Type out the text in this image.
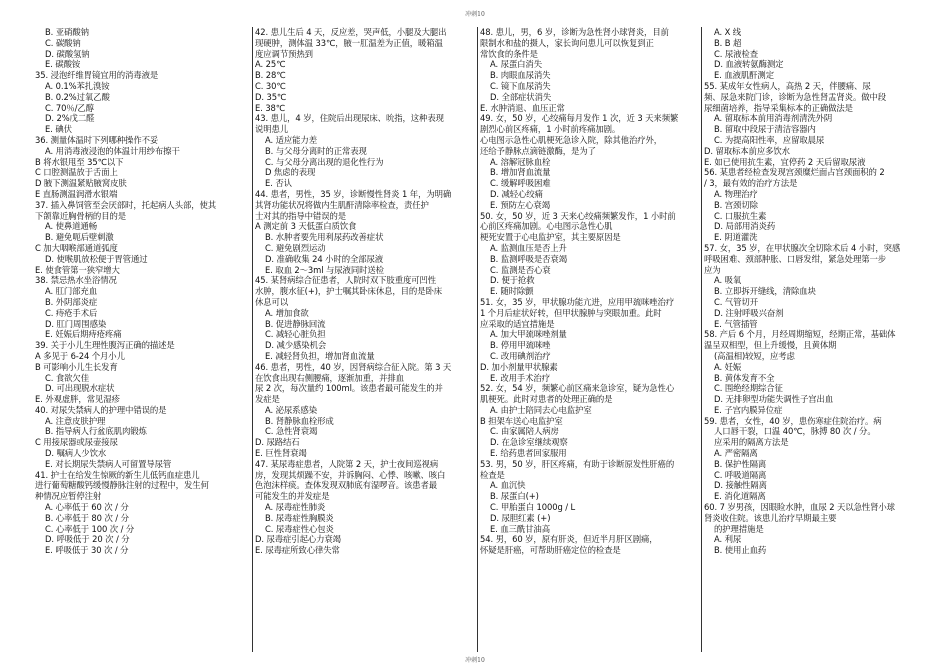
冲刺10
B. 亚硝酸钠
C. 碳酸钠
D. 碳酸氢钠
E. 碳酸铵
35. 浸泡纤维胃镜宜用的消毒液是
A. 0.1%苯扎溴铵
B. 0.2%过氧乙酸
C. 70％/乙醇
D. 2%戊二醛
E. 碘伏
36. 测量体温时下列哪种操作不妥
A. 用消毒液浸泡的体温计用纱布擦干
B 将水银甩至 35℃以下
C 口腔测温放于舌面上
D 腋下测温紧贴腋窝皮肤
E 直肠测温润滑水银端
37. 插入鼻饲管至会厌部时，托起病人头部，使其
下颌靠近胸骨柄的目的是
A. 使鼻道通畅
B. 避免呃后壁刺激
C 加大咽喉部通道弧度
D. 使喉肌放松便于胃管通过
E. 使食管第一狭窄增大
38. 禁忌热水坐浴情况
A. 肛门部充血
B. 外阴部炎症
C. 痔疮手术后
D. 肛门周围感染
E. 妊娠后期痔疮疼痛
39. 关于小儿生理性腹泻正确的描述是
A 多见于 6-24 个月小儿
B 可影响小儿生长发育
C. 食欲欠佳
D. 可出现脱水症状
E. 外观虚胖，常见湿疹
40. 对尿失禁病人的护理中错误的是
A. 注意皮肤护理
B. 指导病人行盆底肌肉锻炼
C 用接尿器或尿壶接尿
D. 嘱病人少饮水
E. 对长期尿失禁病人可留置导尿管
41. 护士在给发生惊厥的新生儿低钙血症患儿
进行葡萄糖酸钙缓慢静脉注射的过程中，发生何
种情况应暂停注射
A. 心率低于 60 次 / 分
B. 心率低于 80 次 / 分
C. 心率低于 100 次 / 分
D. 呼吸低于 20 次 / 分
E. 呼吸低于 30 次 / 分
42. 患儿生后 4 天，反应差，哭声低，小腿及大腿出
现硬肿，测体温 33℃，腋一肛温差为正值，暖箱温
度应调节预热到
A. 25℃
B. 28℃
C. 30℃
D. 35℃
E. 38℃
43. 患儿，4 岁，住院后出现尿床、吮指，这种表现
说明患儿
A. 适应能力差
B. 与父母分离时的正常表现
C. 与父母分离出现的退化性行为
D 焦虑的表现
E. 否认
44. 患者，男性，35 岁，诊断慢性肾炎 1 年，为明确
其肾功能状况将做内生肌酐清除率检查，责任护
士对其的指导中错误的是
A 测定前 3 天低蛋白质饮食
B. 水肿者要先用利尿药改善症状
C. 避免剧烈运动
D. 准确收集 24 小时的全部尿液
E. 取血 2～3ml 与尿液同时送检
45. 某肾病综合征患者，人院时双下肢重度可凹性
水肿，腹水征(+)，护士嘱其卧床休息，目的是卧床
休息可以
A. 增加食欲
B. 促进静脉回流
C. 减轻心脏负担
D. 减少感染机会
E. 减轻肾负担，增加肾血流量
46. 患者，男性，40 岁，因肾病综合征入院。第 3 天
在饮食出现右侧腰痛，逐渐加重，并排血
尿 2 次，每次量约 100ml。该患者最可能发生的并
发症是
A. 泌尿系感染
B. 肾静脉血栓形成
C. 急性肾衰竭
D. 尿路结石
E. 巨性肾衰竭
47. 某尿毒症患者，人院第 2 天，护士夜间巡视病
房，发现其烦躁不安，并诉胸闷、心悸、咳嗽、咳白
色泡沫样痰。查体发现双肺底有湿啰音。该患者最
可能发生的并发症是
A. 尿毒症性肺炎
B. 尿毒症性胸膜炎
C. 尿毒症性心包炎
D. 尿毒症引起心力衰竭
E. 尿毒症所致心律失常
48. 患儿，男，6 岁，诊断为急性肾小球肾炎，目前
限制水和盐的摄人，家长询问患儿可以恢复到正
常饮食的条件是
A. 尿蛋白消失
B. 肉眼血尿消失
C. 镜下血尿消失
D. 全部症状消失
E. 水肿消退、血压正常
49. 女，50 岁，心绞痛每月发作 1 次，近 3 天来频繁
剧烈心前区疼痛，1 小时前疼痛加剧。
心电图示急性心肌梗死急诊入院，除其他治疗外，
还给予静脉点滴链激酶，是为了
A. 溶解冠脉血栓
B. 增加肾血流量
C. 缓解呼吸困难
D. 减轻心绞痛
E. 预防左心衰竭
50. 女，50 岁，近 3 天来心绞痛频繁发作，1 小时前
心前区疼痛加剧。心电图示急性心肌
梗死安置于心电监护室，其主要原因是
A. 监测血压是否上升
B. 监测呼吸是否衰竭
C. 监测是否心衰
D. 便于抢救
E. 随时除颤
51. 女，35 岁，甲状腺功能亢进，应用甲巯咪唑治疗
1 个月后症状好转，但甲状腺肿与突眼加重。此时
应采取的适宜措施是
A. 加大甲巯咪唑剂量
B. 停用甲巯咪唑
C. 改用碘剂治疗
D. 加小剂量甲状腺素
E. 改用手术治疗
52. 女，54 岁，频繁心前区痛来急诊室，疑为急性心
肌梗死。此时对患者的处理正确的是
A. 由护士陪同去心电监护室
B 担架车送心电监护室
C. 由家属陪人病房
D. 在急诊室继续观察
E. 给药患者回家服用
53. 男，50 岁，肝区疼痛，有助于诊断原发性肝癌的
检查是
A. 血沉快
B. 尿蛋白(+)
C. 甲胎蛋白 1000g / L
D. 尿胆红素 (+)
E. 血三酰甘油高
54. 男，60 岁，原有肝炎，但近半月肝区剧痛，
怀疑是肝癌，可帮助肝癌定位的检查是
A. X 线
B. B 超
C. 尿液检查
D. 血液转氨酶测定
E. 血液肌酐测定
55. 某成年女性病人，高热 2 天，伴腰痛、尿
频、尿急来院门诊，诊断为急性肾盂肾炎。做中段
尿细菌培养，指导采集标本的正确做法是
A. 留取标本前用消毒剂清洗外阴
B. 留取中段尿于清洁容器内
C. 为提高阳性率，应留取晨尿
D. 留取标本前应多饮水
E. 如已使用抗生素，宜停药 2 天后留取尿液
56. 某患者经检查发现宫颈糜烂面占宫颈面积的 2
/ 3，最有效的治疗方法是
A. 物理治疗
B. 宫颈切除
C. 口服抗生素
D. 局部用消炎药
E. 阴道灌洗
57. 女，35 岁，在甲状腺次全切除术后 4 小时，突感
呼吸困难、颈部肿胀、口唇发绀，紧急处理第一步
应为
A. 吸氧
B. 立即拆开缝线，清除血块
C. 气管切开
D. 注射呼吸兴奋剂
E. 气管插管
58. 产后 6 个月，月经周期缩短，经期正常，基础体
温呈双相型，但上升缓慢，且黄体期
(高温相)较短，应考虑
A. 妊娠
B. 黄体发育不全
C. 围绝经期综合征
D. 无排卵型功能失调性子宫出血
E. 子宫内膜异位症
59. 患者，女性，40 岁，患伤寒症住院治疗。病
人口唇干裂，口温 40℃，脉搏 80 次 / 分。
应采用的隔离方法是
A. 严密隔离
B. 保护性隔离
C. 呼吸道隔离
D. 接触性隔离
E. 消化道隔离
60. 7 岁男孩，因眼睑水肿，血尿 2 天以急性肾小球
肾炎收住院。该患儿治疗早期最主要
的护理措施是
A. 利尿
B. 使用止血药
冲刺10
